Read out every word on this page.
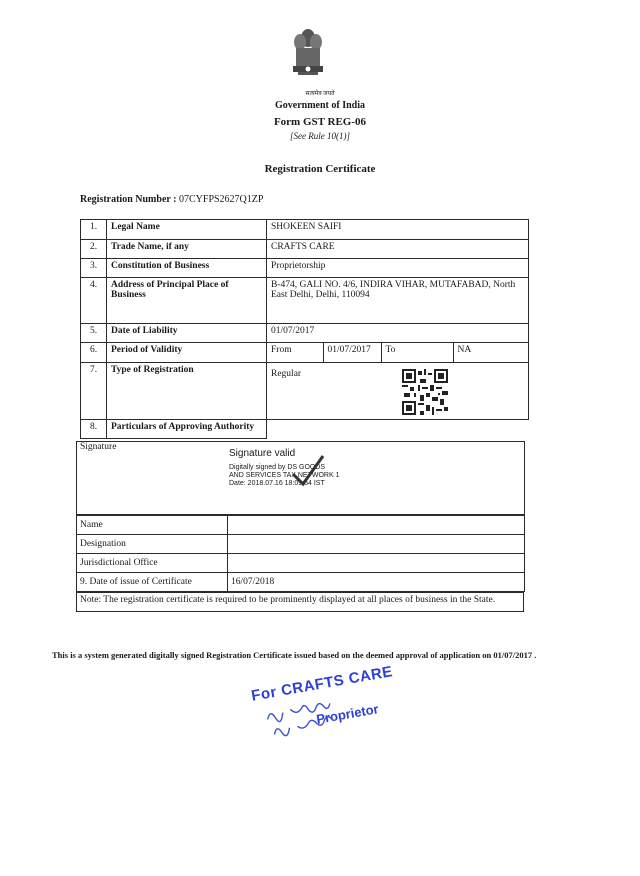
सत्यमेव जयते
Government of India
Form GST REG-06
[See Rule 10(1)]
Registration Certificate
Registration Number : 07CYFPS2627Q1ZP
1.	Legal Name	SHOKEEN SAIFI
2.	Trade Name, if any	CRAFTS CARE
3.	Constitution of Business	Proprietorship
4.	Address of Principal Place of Business	B-474, GALI NO. 4/6, INDIRA VIHAR, MUTAFABAD, North East Delhi, Delhi, 110094
5.	Date of Liability	01/07/2017
6.	Period of Validity		From	01/07/2017	To	NA

7.	Type of Registration	Regular
8.	Particulars of Approving Authority	
Signature
Signature valid
Digitally signed by DS GOODS
AND SERVICES TAX NETWORK 1
Date: 2018.07.16 18:09:54 IST
Name	
Designation	
Jurisdictional Office	
9. Date of issue of Certificate	16/07/2018
Note: The registration certificate is required to be prominently displayed at all places of business in the State.
This is a system generated digitally signed Registration Certificate issued based on the deemed approval of application on 01/07/2017 .
For CRAFTS CARE
Proprietor
